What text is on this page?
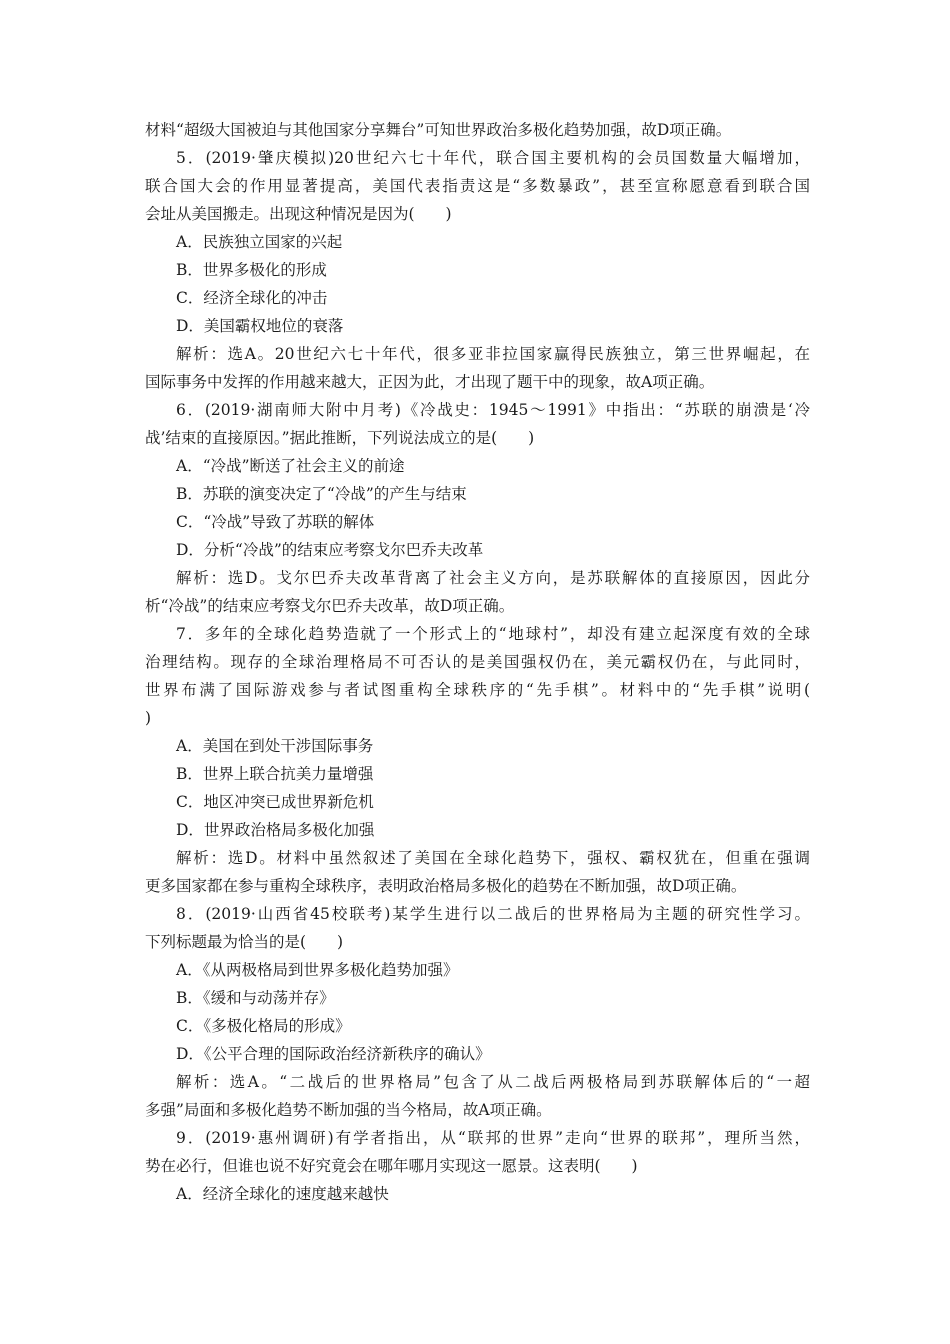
材料“超级大国被迫与其他国家分享舞台”可知世界政治多极化趋势加强，故D项正确。
5．(2019·肇庆模拟)20世纪六七十年代，联合国主要机构的会员国数量大幅增加，
联合国大会的作用显著提高，美国代表指责这是“多数暴政”，甚至宣称愿意看到联合国
会址从美国搬走。出现这种情况是因为(　　)
A．民族独立国家的兴起
B．世界多极化的形成
C．经济全球化的冲击
D．美国霸权地位的衰落
解析：选A。20世纪六七十年代，很多亚非拉国家赢得民族独立，第三世界崛起，在
国际事务中发挥的作用越来越大，正因为此，才出现了题干中的现象，故A项正确。
6．(2019·湖南师大附中月考)《冷战史：1945～1991》中指出：“苏联的崩溃是‘冷
战’结束的直接原因。”据此推断，下列说法成立的是(　　)
A．“冷战”断送了社会主义的前途
B．苏联的演变决定了“冷战”的产生与结束
C．“冷战”导致了苏联的解体
D．分析“冷战”的结束应考察戈尔巴乔夫改革
解析：选D。戈尔巴乔夫改革背离了社会主义方向，是苏联解体的直接原因，因此分
析“冷战”的结束应考察戈尔巴乔夫改革，故D项正确。
7．多年的全球化趋势造就了一个形式上的“地球村”，却没有建立起深度有效的全球
治理结构。现存的全球治理格局不可否认的是美国强权仍在，美元霸权仍在，与此同时，
世界布满了国际游戏参与者试图重构全球秩序的“先手棋”。材料中的“先手棋”说明(
)
A．美国在到处干涉国际事务
B．世界上联合抗美力量增强
C．地区冲突已成世界新危机
D．世界政治格局多极化加强
解析：选D。材料中虽然叙述了美国在全球化趋势下，强权、霸权犹在，但重在强调
更多国家都在参与重构全球秩序，表明政治格局多极化的趋势在不断加强，故D项正确。
8．(2019·山西省45校联考)某学生进行以二战后的世界格局为主题的研究性学习。
下列标题最为恰当的是(　　)
A．《从两极格局到世界多极化趋势加强》
B．《缓和与动荡并存》
C．《多极化格局的形成》
D．《公平合理的国际政治经济新秩序的确认》
解析：选A。“二战后的世界格局”包含了从二战后两极格局到苏联解体后的“一超
多强”局面和多极化趋势不断加强的当今格局，故A项正确。
9．(2019·惠州调研)有学者指出，从“联邦的世界”走向“世界的联邦”，理所当然，
势在必行，但谁也说不好究竟会在哪年哪月实现这一愿景。这表明(　　)
A．经济全球化的速度越来越快
